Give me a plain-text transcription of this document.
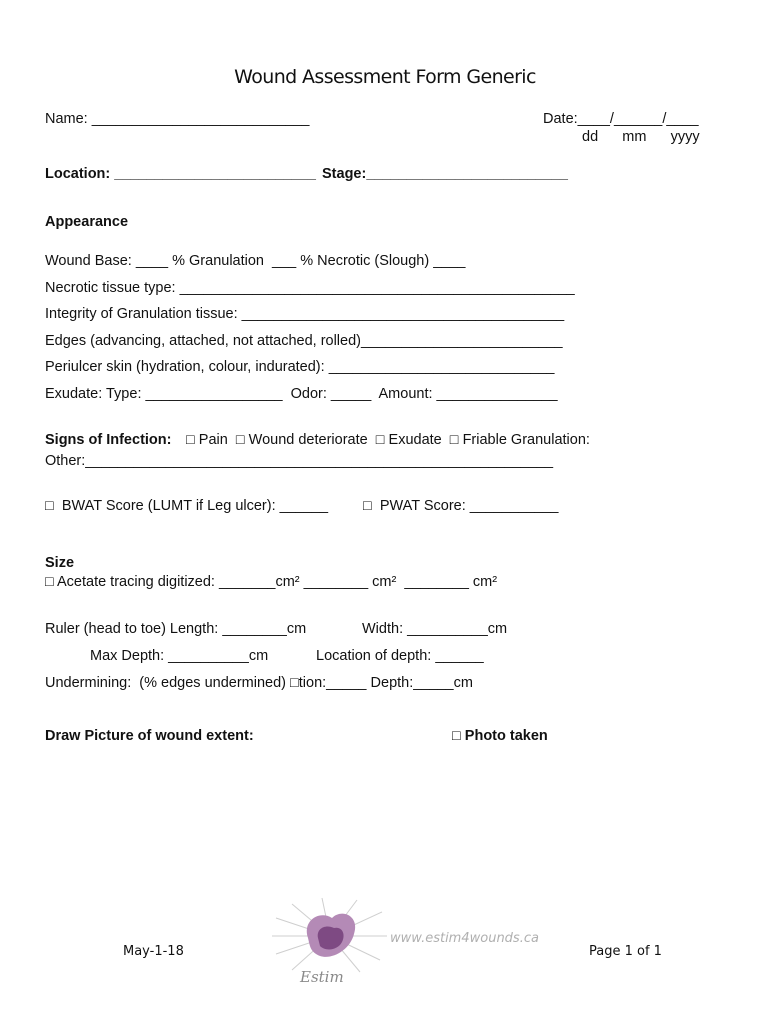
Wound Assessment Form Generic
Name: ___________________________	Date:____/______/____
dd      mm      yyyy
Location: _________________________ Stage:_________________________
Appearance
Wound Base: ____ % Granulation  ___ % Necrotic (Slough) ____
Necrotic tissue type: _________________________________________________
Integrity of Granulation tissue: ________________________________________
Edges (advancing, attached, not attached, rolled)_________________________
Periulcer skin (hydration, colour, indurated): ____________________________
Exudate: Type: _________________  Odor: _____  Amount: _______________
Signs of Infection: □ Pain  □ Wound deteriorate  □ Exudate  □ Friable Granulation:
Other:__________________________________________________________
□  BWAT Score (LUMT if Leg ulcer): ______ □  PWAT Score: ___________
Size
□ Acetate tracing digitized: _______cm² ________ cm²  ________ cm²
Ruler (head to toe) Length: ________cm	Width: __________cm
Max Depth: __________cm	Location of depth: ______
Undermining:  (% edges undermined) □tion:_____ Depth:_____cm
Draw Picture of wound extent:	□ Photo taken
May-1-18	Page 1 of 1
www.estim4wounds.ca
Estim
